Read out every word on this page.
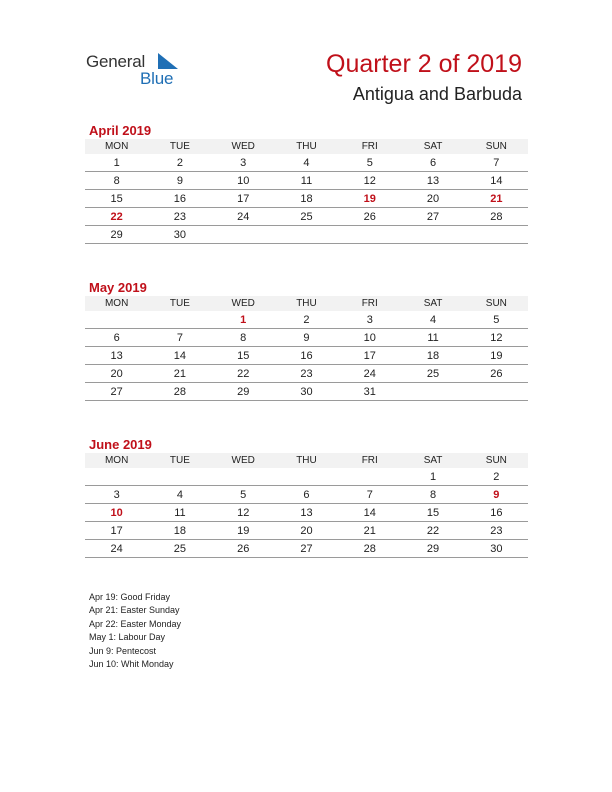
General
Blue
Quarter 2 of 2019
Antigua and Barbuda
April 2019
MON	TUE	WED	THU	FRI	SAT	SUN
1	2	3	4	5	6	7
8	9	10	11	12	13	14
15	16	17	18	19	20	21
22	23	24	25	26	27	28
29	30					
May 2019
MON	TUE	WED	THU	FRI	SAT	SUN
		1	2	3	4	5
6	7	8	9	10	11	12
13	14	15	16	17	18	19
20	21	22	23	24	25	26
27	28	29	30	31		
June 2019
MON	TUE	WED	THU	FRI	SAT	SUN
					1	2
3	4	5	6	7	8	9
10	11	12	13	14	15	16
17	18	19	20	21	22	23
24	25	26	27	28	29	30
Apr 19: Good Friday
Apr 21: Easter Sunday
Apr 22: Easter Monday
May 1: Labour Day
Jun 9: Pentecost
Jun 10: Whit Monday
